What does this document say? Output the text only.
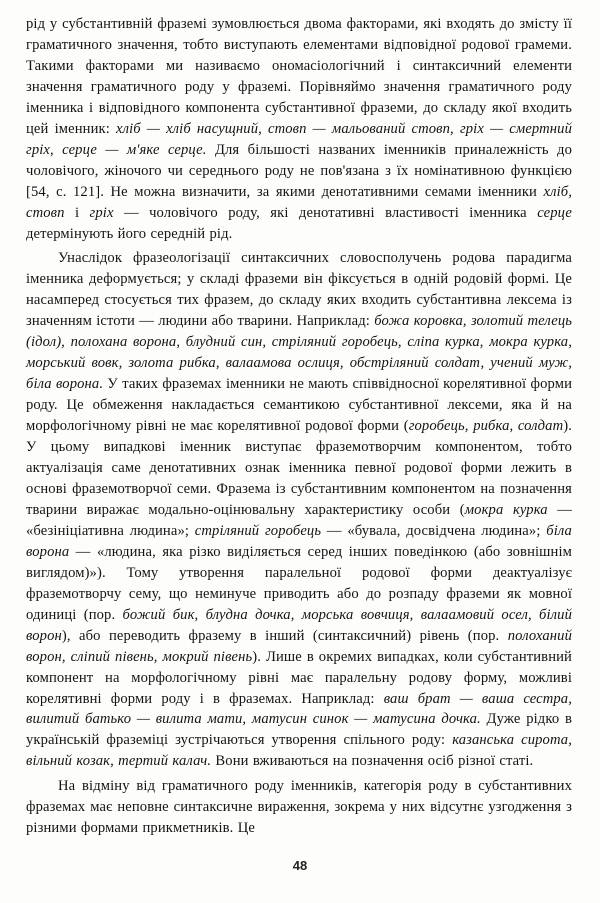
рід у субстантивній фраземі зумовлюється двома факторами, які входять до змісту її граматичного значення, тобто виступають елементами відповідної родової грамеми. Такими факторами ми називаємо ономасіологічний і синтаксичний елементи значення граматичного роду у фраземі. Порівняймо значення граматичного роду іменника і відповідного компонента субстантивної фраземи, до складу якої входить цей іменник: хліб — хліб насущний, стовп — мальований стовп, гріх — смертний гріх, серце — м'яке серце. Для більшості названих іменників приналежність до чоловічого, жіночого чи середнього роду не пов'язана з їх номінативною функцією [54, с. 121]. Не можна визначити, за якими денотативними семами іменники хліб, стовп і гріх — чоловічого роду, які денотативні властивості іменника серце детермінують його середній рід.

Унаслідок фразеологізації синтаксичних словосполучень родова парадигма іменника деформується; у складі фраземи він фіксується в одній родовій формі. Це насамперед стосується тих фразем, до складу яких входить субстантивна лексема із значенням істоти — людини або тварини. Наприклад: божа коровка, золотий телець (ідол), полохана ворона, блудний син, стріляний горобець, сліпа курка, мокра курка, морський вовк, золота рибка, валаамова ослиця, обстріляний солдат, учений муж, біла ворона. У таких фраземах іменники не мають співвідносної корелятивної форми роду. Це обмеження накладається семантикою субстантивної лексеми, яка й на морфологічному рівні не має корелятивної родової форми (горобець, рибка, солдат). У цьому випадкові іменник виступає фраземотворчим компонентом, тобто актуалізація саме денотативних ознак іменника певної родової форми лежить в основі фраземотворчої семи. Фразема із субстантивним компонентом на позначення тварини виражає модально-оцінювальну характеристику особи (мокра курка — «безініціативна людина»; стріляний горобець — «бувала, досвідчена людина»; біла ворона — «людина, яка різко виділяється серед інших поведінкою (або зовнішнім виглядом)»). Тому утворення паралельної родової форми деактуалізує фраземотворчу сему, що неминуче приводить або до розпаду фраземи як мовної одиниці (пор. божий бик, блудна дочка, морська вовчиця, валаамовий осел, білий ворон), або переводить фразему в інший (синтаксичний) рівень (пор. полоханий ворон, сліпий півень, мокрий півень). Лише в окремих випадках, коли субстантивний компонент на морфологічному рівні має паралельну родову форму, можливі корелятивні форми роду і в фраземах. Наприклад: ваш брат — ваша сестра, вилитий батько — вилита мати, матусин синок — матусина дочка. Дуже рідко в українській фраземіці зустрічаються утворення спільного роду: казанська сирота, вільний козак, тертий калач. Вони вживаються на позначення осіб різної статі.

На відміну від граматичного роду іменників, категорія роду в субстантивних фраземах має неповне синтаксичне вираження, зокрема у них відсутнє узгодження з різними формами прикметників. Це

48
